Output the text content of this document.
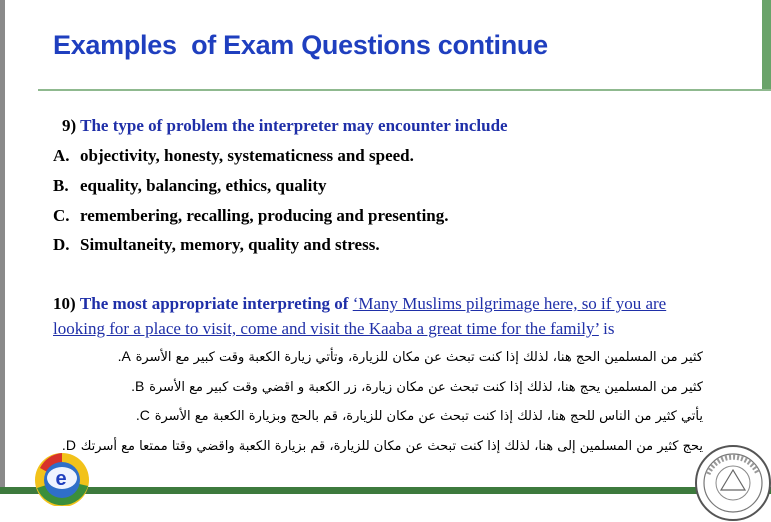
Examples  of Exam Questions continue
9) The type of problem the interpreter may encounter include
A. objectivity, honesty, systematicness and speed.
B. equality, balancing, ethics, quality
C. remembering, recalling, producing and presenting.
D. Simultaneity, memory, quality and stress.
10) The most appropriate interpreting of ‘Many Muslims pilgrimage here, so if you are
looking for a place to visit, come and visit the Kaaba a great time for the family’ is
كثير من المسلمين الحج هنا، لذلك إذا كنت تبحث عن مكان للزيارة، وتأتي زيارة الكعبة وقت كبير مع الأسرة A.
كثير من المسلمين يحج هنا، لذلك إذا كنت تبحث عن مكان زيارة، زر الكعبة و اقضي وقت كبير مع الأسرة B.
يأتي كثير من الناس للحج هنا، لذلك إذا كنت تبحث عن مكان للزيارة، قم بالحج وبزيارة الكعبة مع الأسرة C.
يحج كثير من المسلمين إلى هنا، لذلك إذا كنت تبحث عن مكان للزيارة، قم بزيارة الكعبة واقضي وقتا ممتعا مع أسرتك D.
e
